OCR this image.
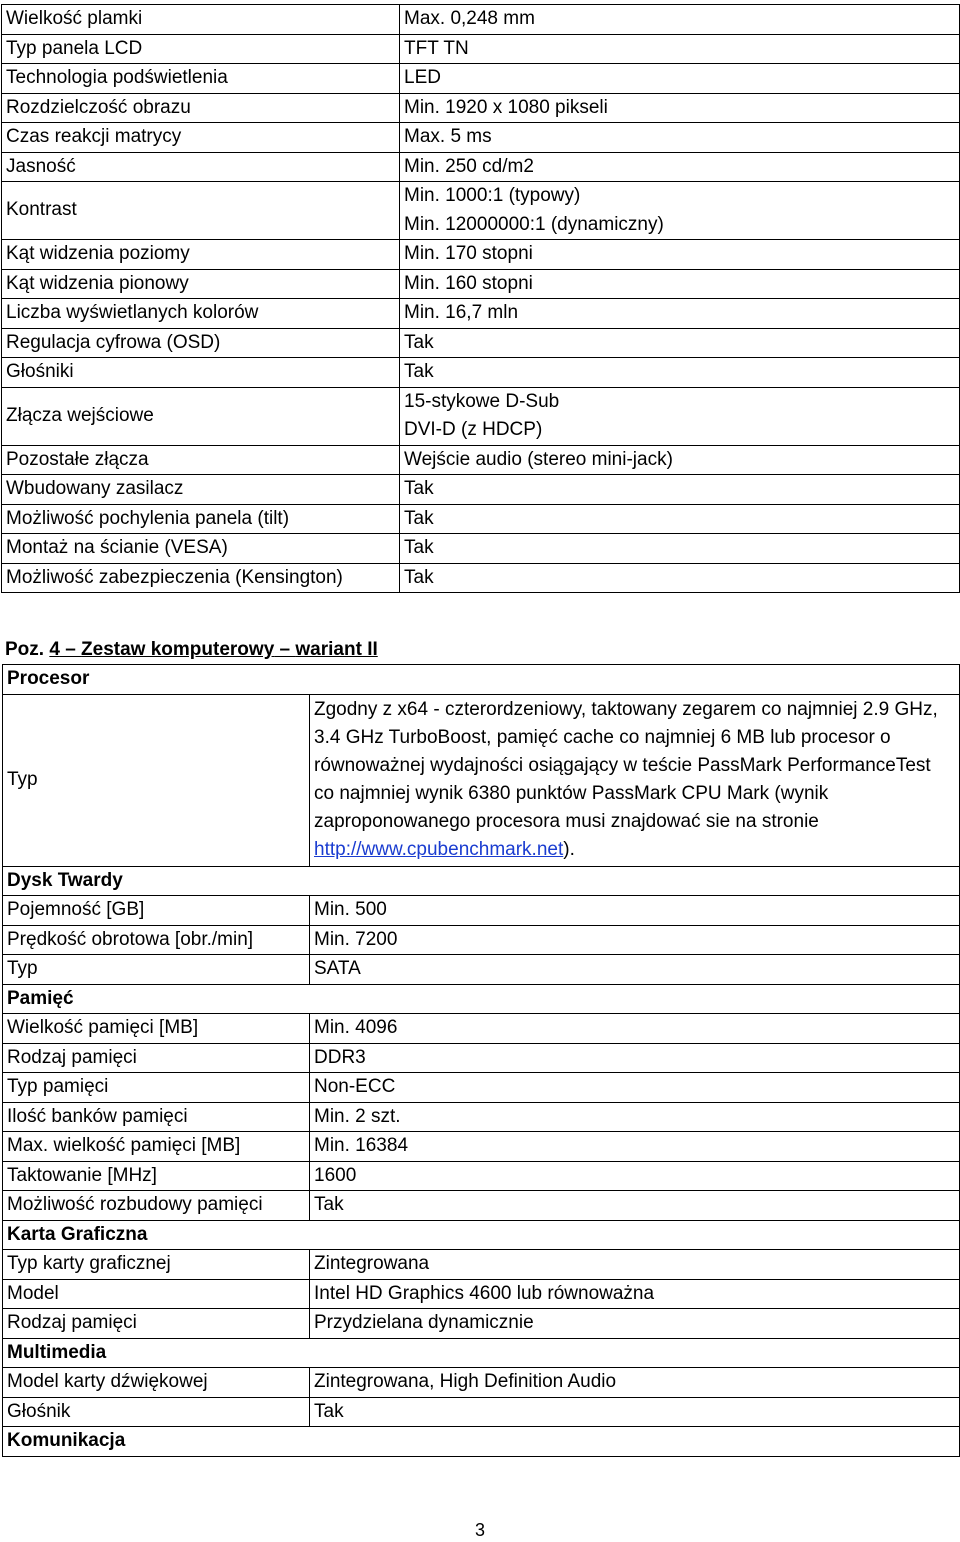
Wielkość plamki	Max. 0,248 mm
Typ panela LCD	TFT TN
Technologia podświetlenia	LED
Rozdzielczość obrazu	Min. 1920 x 1080 pikseli
Czas reakcji matrycy	Max. 5 ms
Jasność	Min. 250 cd/m2
Kontrast	Min. 1000:1 (typowy)
Min. 12000000:1 (dynamiczny)

Kąt widzenia poziomy	Min. 170 stopni
Kąt widzenia pionowy	Min. 160 stopni
Liczba wyświetlanych kolorów	Min. 16,7 mln
Regulacja cyfrowa (OSD)	Tak
Głośniki	Tak
Złącza wejściowe	15-stykowe D-Sub
DVI-D (z HDCP)

Pozostałe złącza	Wejście audio (stereo mini-jack)
Wbudowany zasilacz	Tak
Możliwość pochylenia panela (tilt)	Tak
Montaż na ścianie (VESA)	Tak
Możliwość zabezpieczenia (Kensington)	Tak
Poz. 4 – Zestaw komputerowy – wariant II
Procesor	
Typ	Zgodny z x64 - czterordzeniowy, taktowany zegarem co najmniej 2.9 GHz, 3.4 GHz TurboBoost, pamięć cache co najmniej 6 MB lub procesor o równoważnej wydajności osiągający w teście PassMark PerformanceTest co najmniej wynik 6380 punktów PassMark CPU Mark (wynik zaproponowanego procesora musi znajdować sie na stronie http://www.cpubenchmark.net).
Dysk Twardy	
Pojemność [GB]	Min. 500
Prędkość obrotowa [obr./min]	Min. 7200
Typ	SATA
Pamięć	
Wielkość pamięci [MB]	Min. 4096
Rodzaj pamięci	DDR3
Typ pamięci	Non-ECC
Ilość banków pamięci	Min. 2 szt.
Max. wielkość pamięci [MB]	Min. 16384
Taktowanie [MHz]	1600
Możliwość rozbudowy pamięci	Tak
Karta Graficzna	
Typ karty graficznej	Zintegrowana
Model	Intel HD Graphics 4600 lub równoważna
Rodzaj pamięci	Przydzielana dynamicznie
Multimedia	
Model karty dźwiękowej	Zintegrowana, High Definition Audio
Głośnik	Tak
Komunikacja	
3
